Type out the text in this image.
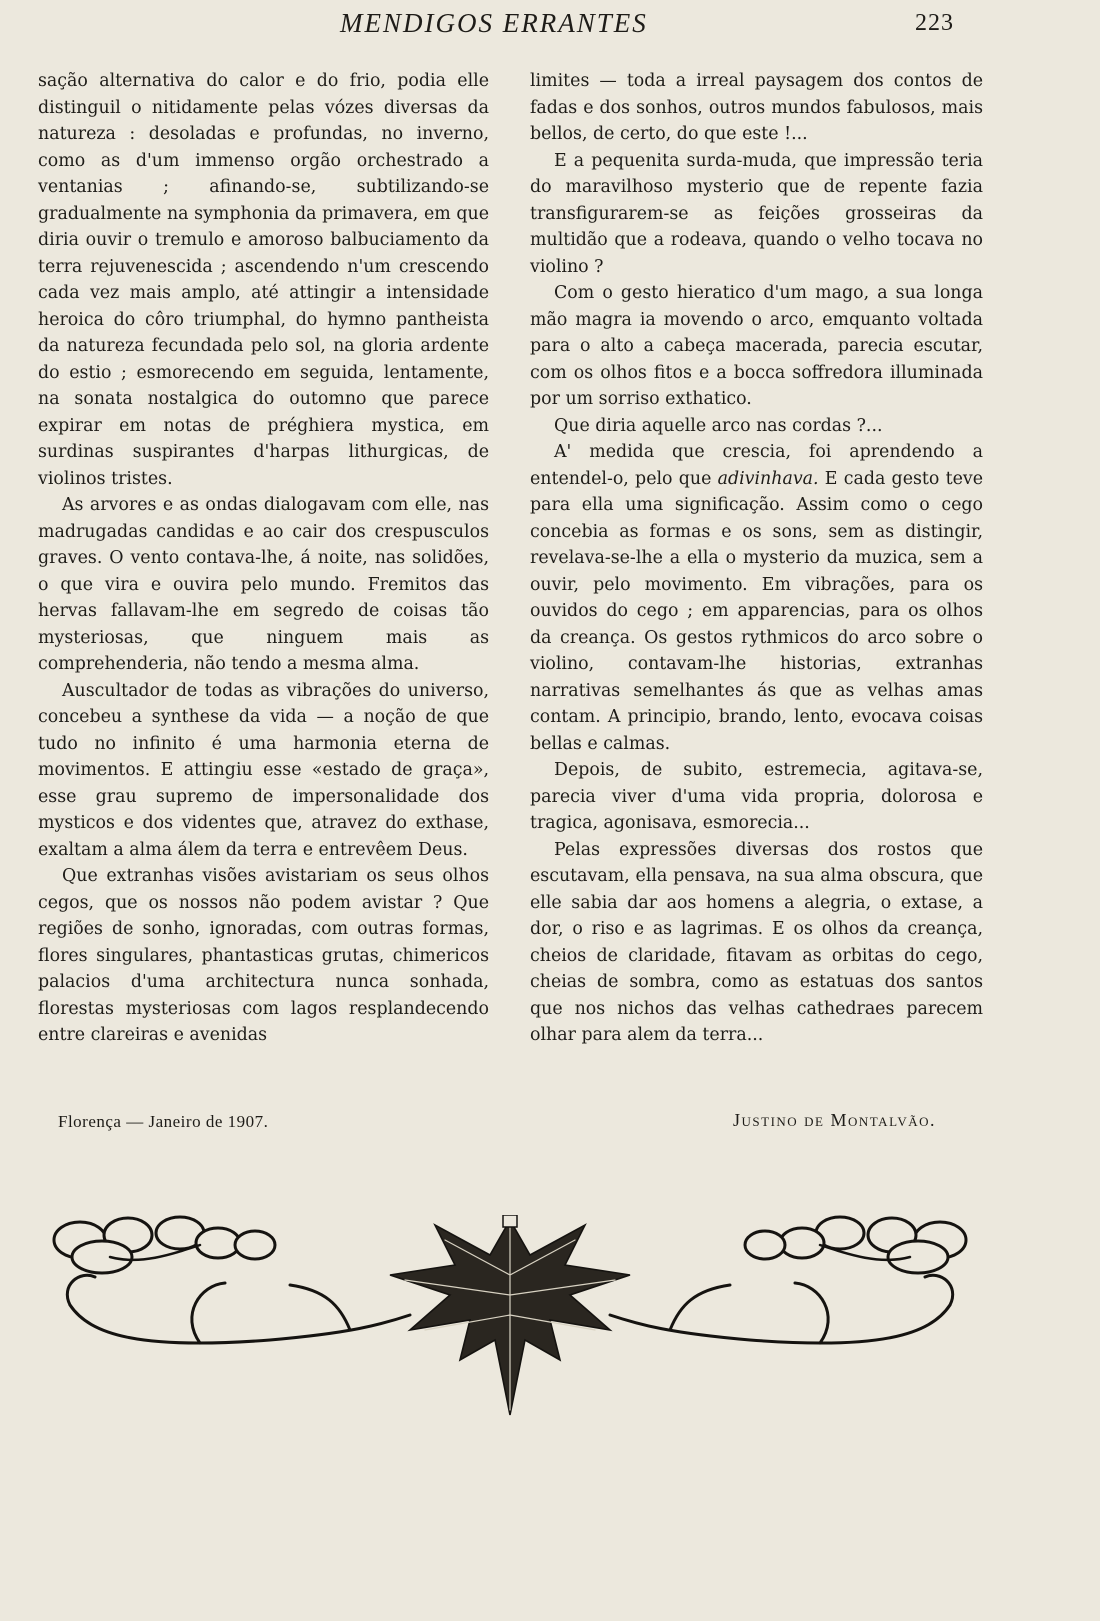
MENDIGOS ERRANTES	223

sação alternativa do calor e do frio, podia elle distinguil o nitidamente pelas vózes diversas da natureza : desoladas e profundas, no inverno, como as d'um immenso orgão orchestrado a ventanias ; afinando-se, subtilizando-se gradualmente na symphonia da primavera, em que diria ouvir o tremulo e amoroso balbuciamento da terra rejuvenescida ; ascendendo n'um crescendo cada vez mais amplo, até attingir a intensidade heroica do côro triumphal, do hymno pantheista da natureza fecundada pelo sol, na gloria ardente do estio ; esmorecendo em seguida, lentamente, na sonata nostalgica do outomno que parece expirar em notas de préghiera mystica, em surdinas suspirantes d'harpas lithurgicas, de violinos tristes.

As arvores e as ondas dialogavam com elle, nas madrugadas candidas e ao cair dos crespusculos graves. O vento contava-lhe, á noite, nas solidões, o que vira e ouvira pelo mundo. Fremitos das hervas fallavam-lhe em segredo de coisas tão mysteriosas, que ninguem mais as comprehenderia, não tendo a mesma alma.

Auscultador de todas as vibrações do universo, concebeu a synthese da vida — a noção de que tudo no infinito é uma harmonia eterna de movimentos. E attingiu esse «estado de graça», esse grau supremo de impersonalidade dos mysticos e dos videntes que, atravez do exthase, exaltam a alma álem da terra e entrevêem Deus.

Que extranhas visões avistariam os seus olhos cegos, que os nossos não podem avistar ? Que regiões de sonho, ignoradas, com outras formas, flores singulares, phantasticas grutas, chimericos palacios d'uma architectura nunca sonhada, florestas mysteriosas com lagos resplandecendo entre clareiras e avenidas

limites — toda a irreal paysagem dos contos de fadas e dos sonhos, outros mundos fabulosos, mais bellos, de certo, do que este !...

E a pequenita surda-muda, que impressão teria do maravilhoso mysterio que de repente fazia transfigurarem-se as feições grosseiras da multidão que a rodeava, quando o velho tocava no violino ?

Com o gesto hieratico d'um mago, a sua longa mão magra ia movendo o arco, emquanto voltada para o alto a cabeça macerada, parecia escutar, com os olhos fitos e a bocca soffredora illuminada por um sorriso exthatico.

Que diria aquelle arco nas cordas ?...

A' medida que crescia, foi aprendendo a entendel-o, pelo que adivinhava. E cada gesto teve para ella uma significação. Assim como o cego concebia as formas e os sons, sem as distingir, revelava-se-lhe a ella o mysterio da muzica, sem a ouvir, pelo movimento. Em vibrações, para os ouvidos do cego ; em apparencias, para os olhos da creança. Os gestos rythmicos do arco sobre o violino, contavam-lhe historias, extranhas narrativas semelhantes ás que as velhas amas contam. A principio, brando, lento, evocava coisas bellas e calmas.

Depois, de subito, estremecia, agitava-se, parecia viver d'uma vida propria, dolorosa e tragica, agonisava, esmorecia...

Pelas expressões diversas dos rostos que escutavam, ella pensava, na sua alma obscura, que elle sabia dar aos homens a alegria, o extase, a dor, o riso e as lagrimas. E os olhos da creança, cheios de claridade, fitavam as orbitas do cego, cheias de sombra, como as estatuas dos santos que nos nichos das velhas cathedraes parecem olhar para alem da terra...

Florença — Janeiro de 1907.	Justino de Montalvão.
